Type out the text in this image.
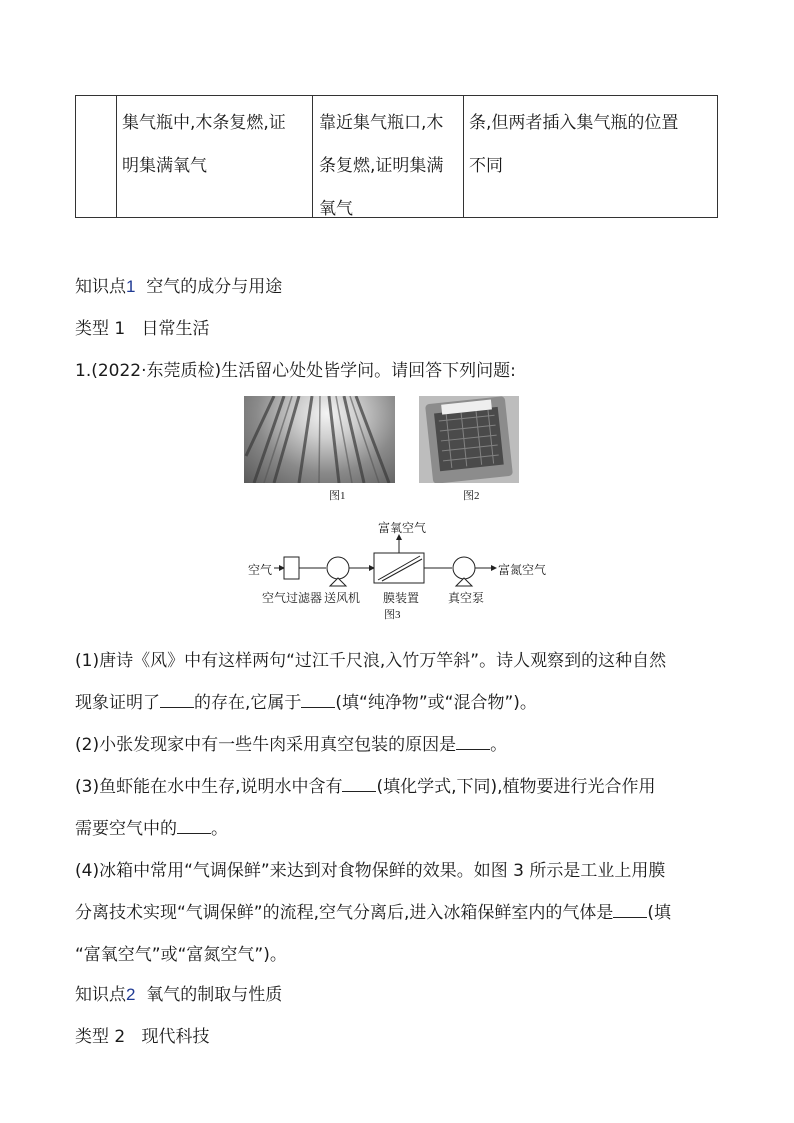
集气瓶中,木条复燃,证
明集满氧气
靠近集气瓶口,木
条复燃,证明集满
氧气
条,但两者插入集气瓶的位置
不同
知识点1 空气的成分与用途
类型 1 日常生活
1.(2022·东莞质检)生活留心处处皆学问。请回答下列问题:
图1	图2
富氧空气
空气
空气过滤器 送风机 膜装置 真空泵
富氮空气
图3
(1)唐诗《风》中有这样两句“过江千尺浪,入竹万竿斜”。诗人观察到的这种自然
现象证明了 的存在,它属于 (填“纯净物”或“混合物”)。
(2)小张发现家中有一些牛肉采用真空包装的原因是 。
(3)鱼虾能在水中生存,说明水中含有 (填化学式,下同),植物要进行光合作用
需要空气中的 。
(4)冰箱中常用“气调保鲜”来达到对食物保鲜的效果。如图 3 所示是工业上用膜
分离技术实现“气调保鲜”的流程,空气分离后,进入冰箱保鲜室内的气体是 (填
“富氧空气”或“富氮空气”)。
知识点2 氧气的制取与性质
类型 2 现代科技
